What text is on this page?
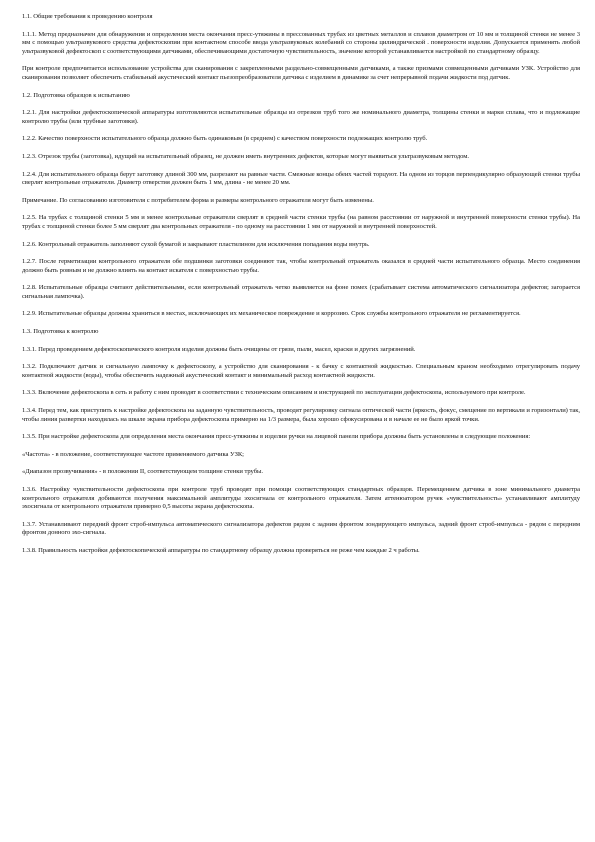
1.1. Общие требования к проведению контроля
1.1.1. Метод предназначен для обнаружения и определения места окончания пресс-утяжины в прессованных трубах из цветных металлов и сплавов диаметром от 10 мм и толщиной стенки не менее 3 мм с помощью ультразвукового средства дефектоскопии при контактном способе ввода ультразвуковых колебаний со стороны цилиндрической . поверхности изделия. Допускается применять любой ультразвуковой дефектоскоп с соответствующими датчиками, обеспечивающими достаточную чувствительность, значение которой устанавливается настройкой по стандартному образцу.
При контроле предпочитается использование устройства для сканирования с закрепленными раздельно-совмещенными датчиками, а также призмами совмещенными датчиками УЗК. Устройство для сканирования позволяет обеспечить стабильный акустический контакт пьезопреобразователя датчика с изделием в динамике за счет непрерывной подачи жидкости под датчик.
1.2. Подготовка образцов к испытанию
1.2.1. Для настройки дефектоскопической аппаратуры изготовляются испытательные образцы из отрезков труб того же номинального диаметра, толщины стенки и марки сплава, что и подлежащие контролю трубы (или трубные заготовки).
1.2.2. Качество поверхности испытательного образца должно быть одинаковым (в среднем) с качеством поверхности подлежащих контролю труб.
1.2.3. Отрезок трубы (заготовка), идущий на испытательный образец, не должен иметь внутренних дефектов, которые могут выявиться ультразвуковым методом.
1.2.4. Для испытательного образца берут заготовку длиной 300 мм, разрезают на равные части. Смежные концы обеих частей торцуют. На одном из торцов перпендикулярно образующей стенки трубы сверлят контрольные отражатели. Диаметр отверстия должен быть 1 мм, длина - не менее 20 мм.
Примечание. По согласованию изготовителя с потребителем форма и размеры контрольного отражателя могут быть изменены.
1.2.5. На трубах с толщиной стенки 5 мм и менее контрольные отражатели сверлят в средней части стенки трубы (на равном расстоянии от наружной и внутренней поверхности стенки трубы). На трубах с толщиной стенки более 5 мм сверлят два контрольных отражателя - по одному на расстоянии 1 мм от наружной и внутренней поверхностей.
1.2.6. Контрольный отражатель заполняют сухой бумагой и закрывают пластилином для исключения попадания воды внутрь.
1.2.7. После герметизации контрольного отражателя обе подшинки заготовки соединяют так, чтобы контрольный отражатель оказался в средней части испытательного образца. Место соединения должно быть ровным и не должно влиять на контакт искателя с поверхностью трубы.
1.2.8. Испытательные образцы считают действительными, если контрольный отражатель четко выявляется на фоне помех (срабатывает система автоматического сигнализатора дефектов; загорается сигнальная лампочка).
1.2.9. Испытательные образцы должны храниться в местах, исключающих их механическое повреждение и коррозию. Срок службы контрольного отражателя не регламентируется.
1.3. Подготовка к контролю
1.3.1. Перед проведением дефектоскопического контроля изделия должны быть очищены от грязи, пыли, масел, краски и других загрязнений.
1.3.2. Подключают датчик и сигнальную лампочку к дефектоскопу, а устройство для сканирования - к бачку с контактной жидкостью. Специальным краном необходимо отрегулировать подачу контактной жидкости (воды), чтобы обеспечить надежный акустический контакт и минимальный расход контактной жидкости.
1.3.3. Включение дефектоскопа в сеть и работу с ним проводят в соответствии с техническим описанием и инструкцией по эксплуатации дефектоскопа, используемого при контроле.
1.3.4. Перед тем, как приступить к настройке дефектоскопа на заданную чувствительность, проводят регулировку сигнала оптической части (яркость, фокус, смещение по вертикали и горизонтали) так, чтобы линия развертки находилась на шкале экрана прибора дефектоскопа примерно на 1/3 размера, была хорошо сфокусирована и в начале ее не было яркой точки.
1.3.5. При настройке дефектоскопа для определения места окончания пресс-утяжины в изделии ручки на лицевой панели прибора должны быть установлены в следующие положения:
«Частота» - в положение, соответствующее частоте применяемого датчика УЗК;
«Диапазон прозвучивания» - в положении II, соответствующем толщине стенки трубы.
1.3.6. Настройку чувствительности дефектоскопа при контроле труб проводят при помощи соответствующих стандартных образцов. Перемещением датчика в зоне минимального диаметра контрольного отражателя добиваются получения максимальной амплитуды эхосигнала от контрольного отражателя. Затем аттенюатором ручек «чувствительность» устанавливают амплитуду эхосигнала от контрольного отражателя примерно 0,5 высоты экрана дефектоскопа.
1.3.7. Устанавливают передний фронт строб-импульса автоматического сигнализатора дефектов рядом с задним фронтом зондирующего импульса, задний фронт строб-импульса - рядом с передним фронтом донного эхо-сигнала.
1.3.8. Правильность настройки дефектоскопической аппаратуры по стандартному образцу должна проверяться не реже чем каждые 2 ч работы.
